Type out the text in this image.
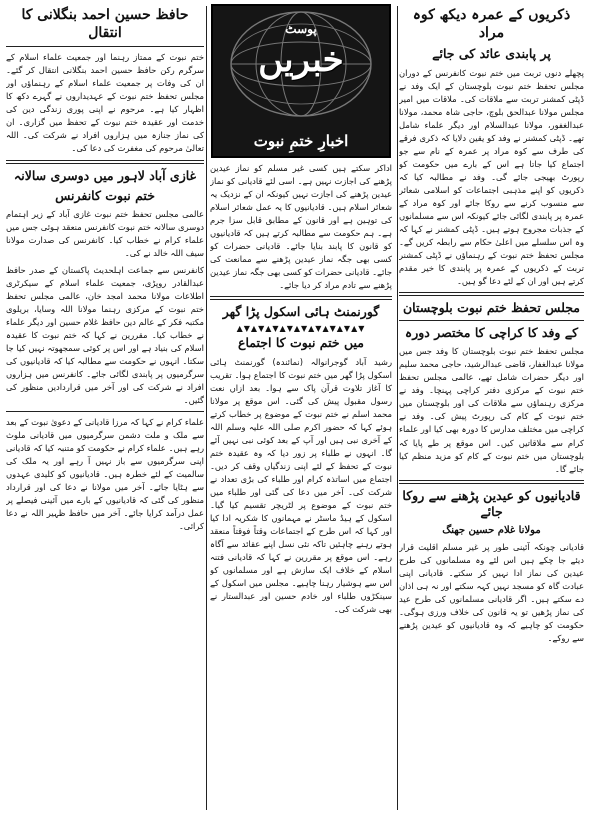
ذکریوں کے عمرہ دیکھ کوہ مراد
پر پابندی عائد کی جائے

پچھلے دنوں تربت میں ختم نبوت کانفرنس کے دوران مجلس تحفظ ختم نبوت بلوچستان کے ایک وفد نے ڈپٹی کمشنر تربت سے ملاقات کی۔ ملاقات میں امیر مجلس مولانا عبدالحق بلوچ، حاجی شاہ محمد، مولانا عبدالغفور، مولانا عبدالسلام اور دیگر علماء شامل تھے۔ ڈپٹی کمشنر نے وفد کو یقین دلایا کہ ذکری فرقے کی طرف سے کوہ مراد پر عمرہ کے نام سے جو اجتماع کیا جاتا ہے اس کے بارے میں حکومت کو رپورٹ بھیجی جائے گی۔ وفد نے مطالبہ کیا کہ ذکریوں کو اپنے مذہبی اجتماعات کو اسلامی شعائر سے منسوب کرنے سے روکا جائے اور کوہ مراد کے عمرہ پر پابندی لگائی جائے کیونکہ اس سے مسلمانوں کے جذبات مجروح ہوتے ہیں۔ ڈپٹی کمشنر نے کہا کہ وہ اس سلسلے میں اعلیٰ حکام سے رابطہ کریں گے۔ مجلس تحفظ ختم نبوت کے رہنماؤں نے ڈپٹی کمشنر تربت کے ذکریوں کے عمرہ پر پابندی کا خیر مقدم کرتے ہیں اور ان کے لئے دعا گو ہیں۔

مجلس تحفظ ختم نبوت بلوچستان
کے وفد کا کراچی کا مختصر دورہ

مجلس تحفظ ختم نبوت بلوچستان کا وفد جس میں مولانا عبدالغفار، قاضی عبدالرشید، حاجی محمد سلیم اور دیگر حضرات شامل تھے، عالمی مجلس تحفظ ختم نبوت کے مرکزی دفتر کراچی پہنچا۔ وفد نے مرکزی رہنماؤں سے ملاقات کی اور بلوچستان میں ختم نبوت کے کام کی رپورٹ پیش کی۔ وفد نے کراچی میں مختلف مدارس کا دورہ بھی کیا اور علماء کرام سے ملاقاتیں کیں۔ اس موقع پر طے پایا کہ بلوچستان میں ختم نبوت کے کام کو مزید منظم کیا جائے گا۔

قادیانیوں کو عیدین پڑھنے سے روکا جائے
مولانا غلام حسین جھنگ

قادیانی چونکہ آئینی طور پر غیر مسلم اقلیت قرار دیئے جا چکے ہیں اس لئے وہ مسلمانوں کی طرح عیدین کی نماز ادا نہیں کر سکتے۔ قادیانی اپنی عبادت گاہ کو مسجد نہیں کہہ سکتے اور نہ ہی اذان دے سکتے ہیں۔ اگر قادیانی مسلمانوں کی طرح عید کی نماز پڑھیں تو یہ قانون کی خلاف ورزی ہوگی۔ حکومت کو چاہیے کہ وہ قادیانیوں کو عیدین پڑھنے سے روکے۔

پوسٹ
خبریں
اخبارِ ختمِ نبوت

اداکر سکتے ہیں کسی غیر مسلم کو نماز عیدین پڑھنے کی اجازت نہیں ہے۔ اسی لئے قادیانی کو نماز عیدین پڑھنے کی اجازت نہیں کیونکہ ان کے نزدیک یہ شعائر اسلام ہیں۔ قادیانیوں کا یہ عمل شعائر اسلام کی توہین ہے اور قانون کے مطابق قابل سزا جرم ہے۔ ہم حکومت سے مطالبہ کرتے ہیں کہ قادیانیوں کو قانون کا پابند بنایا جائے۔ قادیانی حضرات کو کسی بھی جگہ نماز عیدین پڑھنے سے ممانعت کی جائے۔ قادیانی حضرات کو کسی بھی جگہ نماز عیدین پڑھنے سے تادم مراد کر دیا جائے۔

گورنمنٹ ہائی اسکول پڑا گھر
▼▲▼▲▼▲▼▲▼▲▼▲▼▲▼▲▼▲
میں ختم نبوت کا اجتماع

رشید آباد گوجرانوالہ (نمائندہ) گورنمنٹ ہائی اسکول پڑا گھر میں ختم نبوت کا اجتماع ہوا۔ تقریب کا آغاز تلاوت قرآن پاک سے ہوا۔ بعد ازاں نعت رسول مقبول پیش کی گئی۔ اس موقع پر مولانا محمد اسلم نے ختم نبوت کے موضوع پر خطاب کرتے ہوئے کہا کہ حضور اکرم صلی اللہ علیہ وسلم اللہ کے آخری نبی ہیں اور آپ کے بعد کوئی نبی نہیں آئے گا۔ انہوں نے طلباء پر زور دیا کہ وہ عقیدہ ختم نبوت کے تحفظ کے لئے اپنی زندگیاں وقف کر دیں۔ اجتماع میں اساتذہ کرام اور طلباء کی بڑی تعداد نے شرکت کی۔ آخر میں دعا کی گئی اور طلباء میں ختم نبوت کے موضوع پر لٹریچر تقسیم کیا گیا۔ اسکول کے ہیڈ ماسٹر نے مہمانوں کا شکریہ ادا کیا اور کہا کہ اس طرح کے اجتماعات وقتاً فوقتاً منعقد ہوتے رہنے چاہئیں تاکہ نئی نسل اپنے عقائد سے آگاہ رہے۔ اس موقع پر مقررین نے کہا کہ قادیانی فتنہ اسلام کے خلاف ایک سازش ہے اور مسلمانوں کو اس سے ہوشیار رہنا چاہیے۔ مجلس میں اسکول کے سینکڑوں طلباء اور خادم حسین اور عبدالستار نے بھی شرکت کی۔

حافظ حسین احمد بنگلانی کا انتقال

ختم نبوت کے ممتاز رہنما اور جمعیت علماء اسلام کے سرگرم رکن حافظ حسین احمد بنگلانی انتقال کر گئے۔ ان کی وفات پر جمعیت علماء اسلام کے رہنماؤں اور مجلس تحفظ ختم نبوت کے عہدیداروں نے گہرے دکھ کا اظہار کیا ہے۔ مرحوم نے اپنی پوری زندگی دین کی خدمت اور عقیدہ ختم نبوت کے تحفظ میں گزاری۔ ان کی نماز جنازہ میں ہزاروں افراد نے شرکت کی۔ اللہ تعالیٰ مرحوم کی مغفرت کی دعا کی۔

غازی آباد لاہور میں دوسری سالانہ
ختم نبوت کانفرنس

عالمی مجلس تحفظ ختم نبوت غازی آباد کے زیر اہتمام دوسری سالانہ ختم نبوت کانفرنس منعقد ہوئی جس میں علماء کرام نے خطاب کیا۔ کانفرنس کی صدارت مولانا سیف اللہ خالد نے کی۔

کانفرنس سے جماعت اہلحدیث پاکستان کے صدر حافظ عبدالقادر روپڑی، جمعیت علماء اسلام کے سیکرٹری اطلاعات مولانا محمد امجد خان، عالمی مجلس تحفظ ختم نبوت کے مرکزی رہنما مولانا اللہ وسایا، بریلوی مکتبہ فکر کے عالم دین حافظ غلام حسین اور دیگر علماء نے خطاب کیا۔ مقررین نے کہا کہ ختم نبوت کا عقیدہ اسلام کی بنیاد ہے اور اس پر کوئی سمجھوتہ نہیں کیا جا سکتا۔ انہوں نے حکومت سے مطالبہ کیا کہ قادیانیوں کی سرگرمیوں پر پابندی لگائی جائے۔ کانفرنس میں ہزاروں افراد نے شرکت کی اور آخر میں قراردادیں منظور کی گئیں۔

علماء کرام نے کہا کہ مرزا قادیانی کے دعویٰ نبوت کے بعد سے ملک و ملت دشمن سرگرمیوں میں قادیانی ملوث رہے ہیں۔ علماء کرام نے حکومت کو متنبہ کیا کہ قادیانی اپنی سرگرمیوں سے باز نہیں آ رہے اور یہ ملک کی سالمیت کے لئے خطرہ ہیں۔ قادیانیوں کو کلیدی عہدوں سے ہٹایا جائے۔ آخر میں مولانا نے دعا کی اور قرارداد منظور کی گئی کہ قادیانیوں کے بارے میں آئینی فیصلے پر عمل درآمد کرایا جائے۔ آخر میں حافظ ظہیر اللہ نے دعا کرائی۔
